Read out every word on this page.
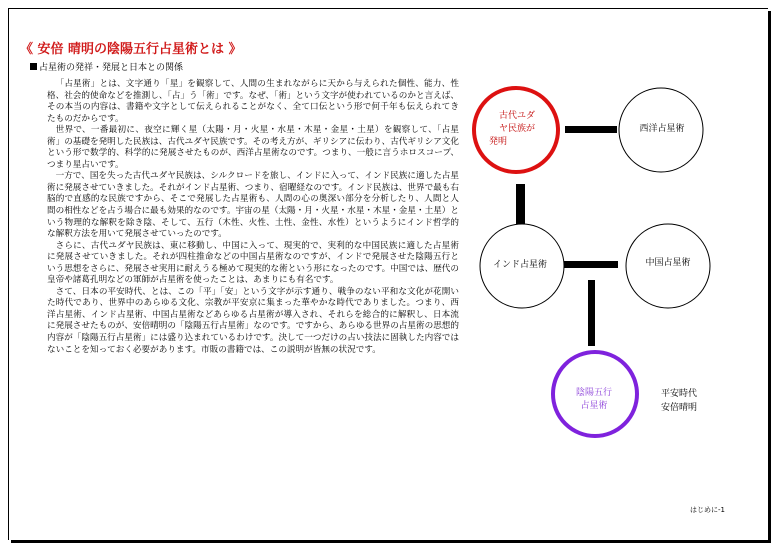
《 安倍 晴明の陰陽五行占星術とは 》
占星術の発祥・発展と日本との関係

「占星術」とは、文字通り「星」を観察して、人間の生まれながらに天から与えられた個性、能力、性格、社会的使命などを推測し、「占」う「術」です。なぜ、「術」という文字が使われているのかと言えば、その本当の内容は、書籍や文字として伝えられることがなく、全て口伝という形で何千年も伝えられてきたものだからです。

世界で、一番最初に、夜空に輝く星（太陽・月・火星・水星・木星・金星・土星）を観察して、「占星術」の基礎を発明した民族は、古代ユダヤ民族です。その考え方が、ギリシアに伝わり、古代ギリシア文化という形で数学的、科学的に発展させたものが、西洋占星術なのです。つまり、一般に言うホロスコープ、つまり星占いです。

一方で、国を失った古代ユダヤ民族は、シルクロードを旅し、インドに入って、インド民族に適した占星術に発展させていきました。それがインド占星術、つまり、宿曜経なのです。インド民族は、世界で最も右脳的で直感的な民族ですから、そこで発展した占星術も、人間の心の奥深い部分を分析したり、人間と人間の相性などを占う場合に最も効果的なのです。宇宙の星（太陽・月・火星・水星・木星・金星・土星）という物理的な解釈を除き陰、そして、五行（木性、火性、土性、金性、水性）というようにインド哲学的な解釈方法を用いて発展させていったのです。

さらに、古代ユダヤ民族は、東に移動し、中国に入って、現実的で、実利的な中国民族に適した占星術に発展させていきました。それが四柱推命などの中国占星術なのですが、インドで発展させた陰陽五行という思想をさらに、発展させ実用に耐えうる極めて現実的な術という形になったのです。中国では、歴代の皇帝や諸葛孔明などの軍師が占星術を使ったことは、あまりにも有名です。

さて、日本の平安時代、とは、この「平」「安」という文字が示す通り、戦争のない平和な文化が花開いた時代であり、世界中のあらゆる文化、宗教が平安京に集まった華やかな時代でありました。つまり、西洋占星術、インド占星術、中国占星術などあらゆる占星術が導入され、それらを総合的に解釈し、日本流に発展させたものが、安倍晴明の「陰陽五行占星術」なのです。ですから、あらゆる世界の占星術の思想的内容が「陰陽五行占星術」には盛り込まれているわけです。決して一つだけの占い技法に固執した内容ではないことを知っておく必要があります。市販の書籍では、この説明が皆無の状況です。

古代ユダ
ヤ民族が
発明
西洋占星術
インド占星術	中国占星術
陰陽五行
占星術
平安時代
安倍晴明
はじめに-1
